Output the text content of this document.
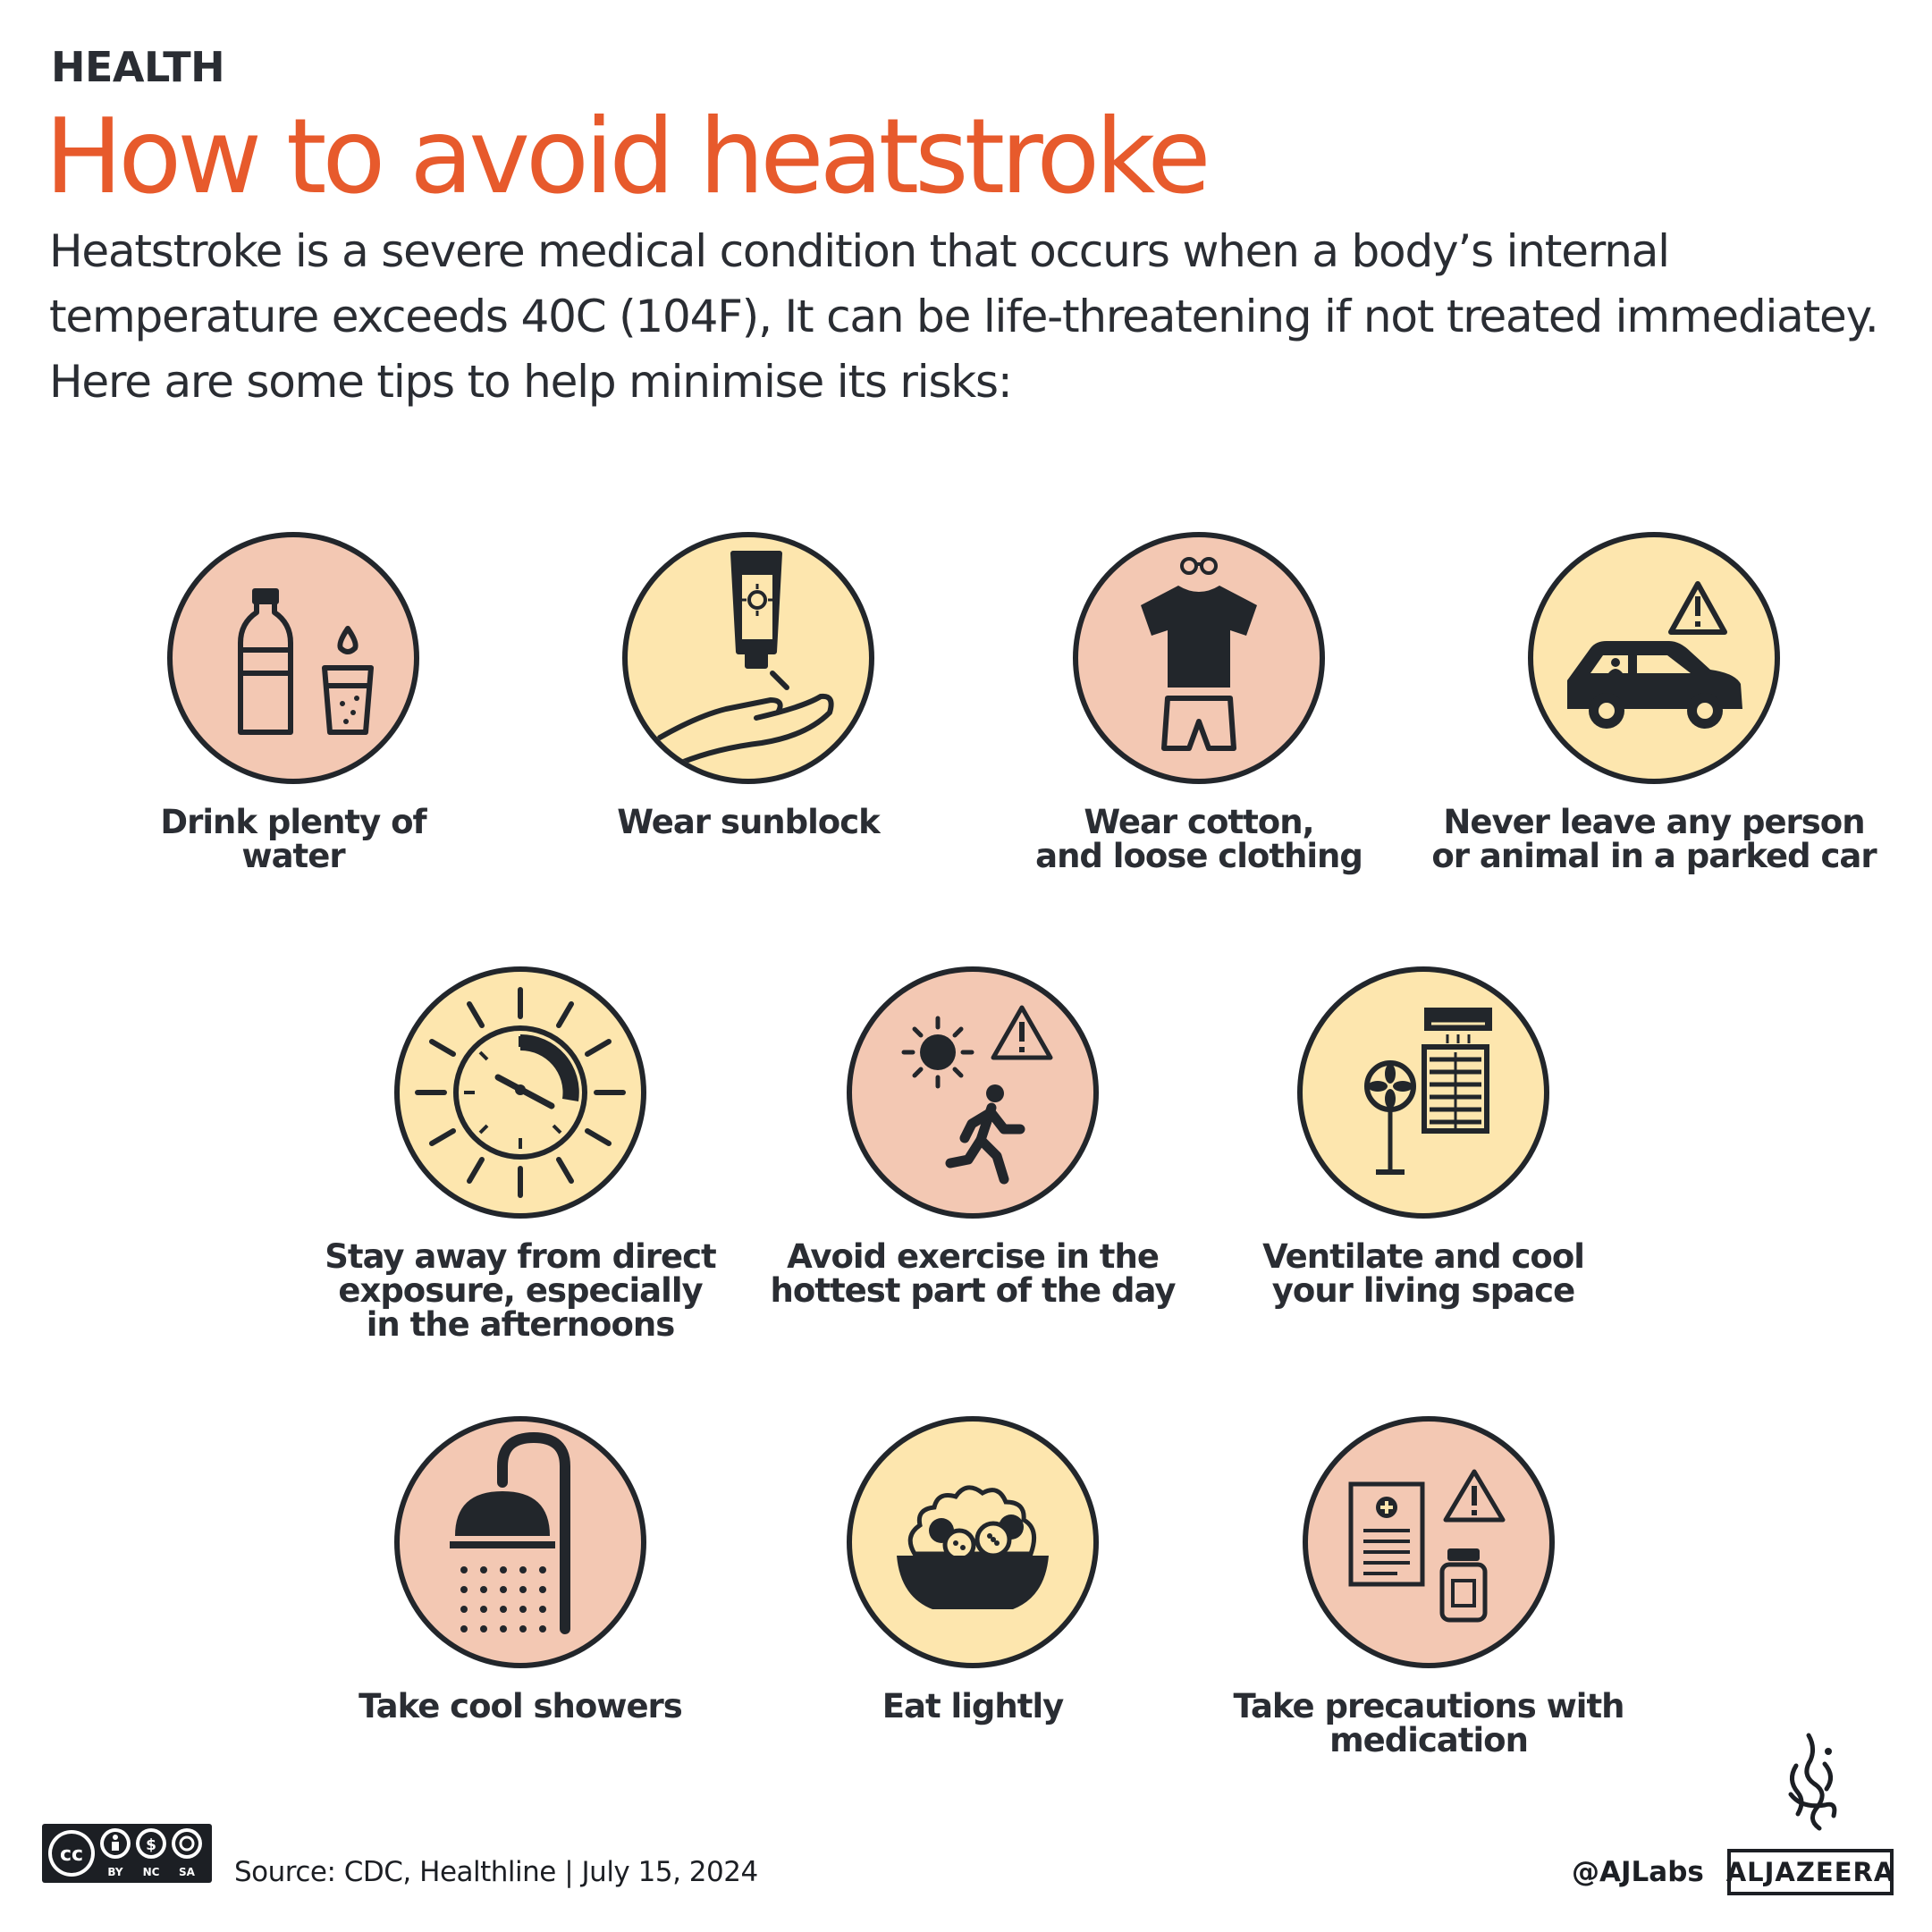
HEALTH
How to avoid heatstroke
Heatstroke is a severe medical condition that occurs when a body’s internal
temperature exceeds 40C (104F), It can be life-threatening if not treated immediatey.
Here are some tips to help minimise its risks:
Drink plenty of
water
Wear sunblock	Wear cotton,
and loose clothing
Never leave any person
or animal in a parked car
Stay away from direct
exposure, especially
in the afternoons
Avoid exercise in the
hottest part of the day
Ventilate and cool
your living space
Take cool showers	Eat lightly	Take precautions with
medication
cc	$
BY NC SA Source: CDC, Healthline | July 15, 2024	@AJLabs ALJAZEERA
